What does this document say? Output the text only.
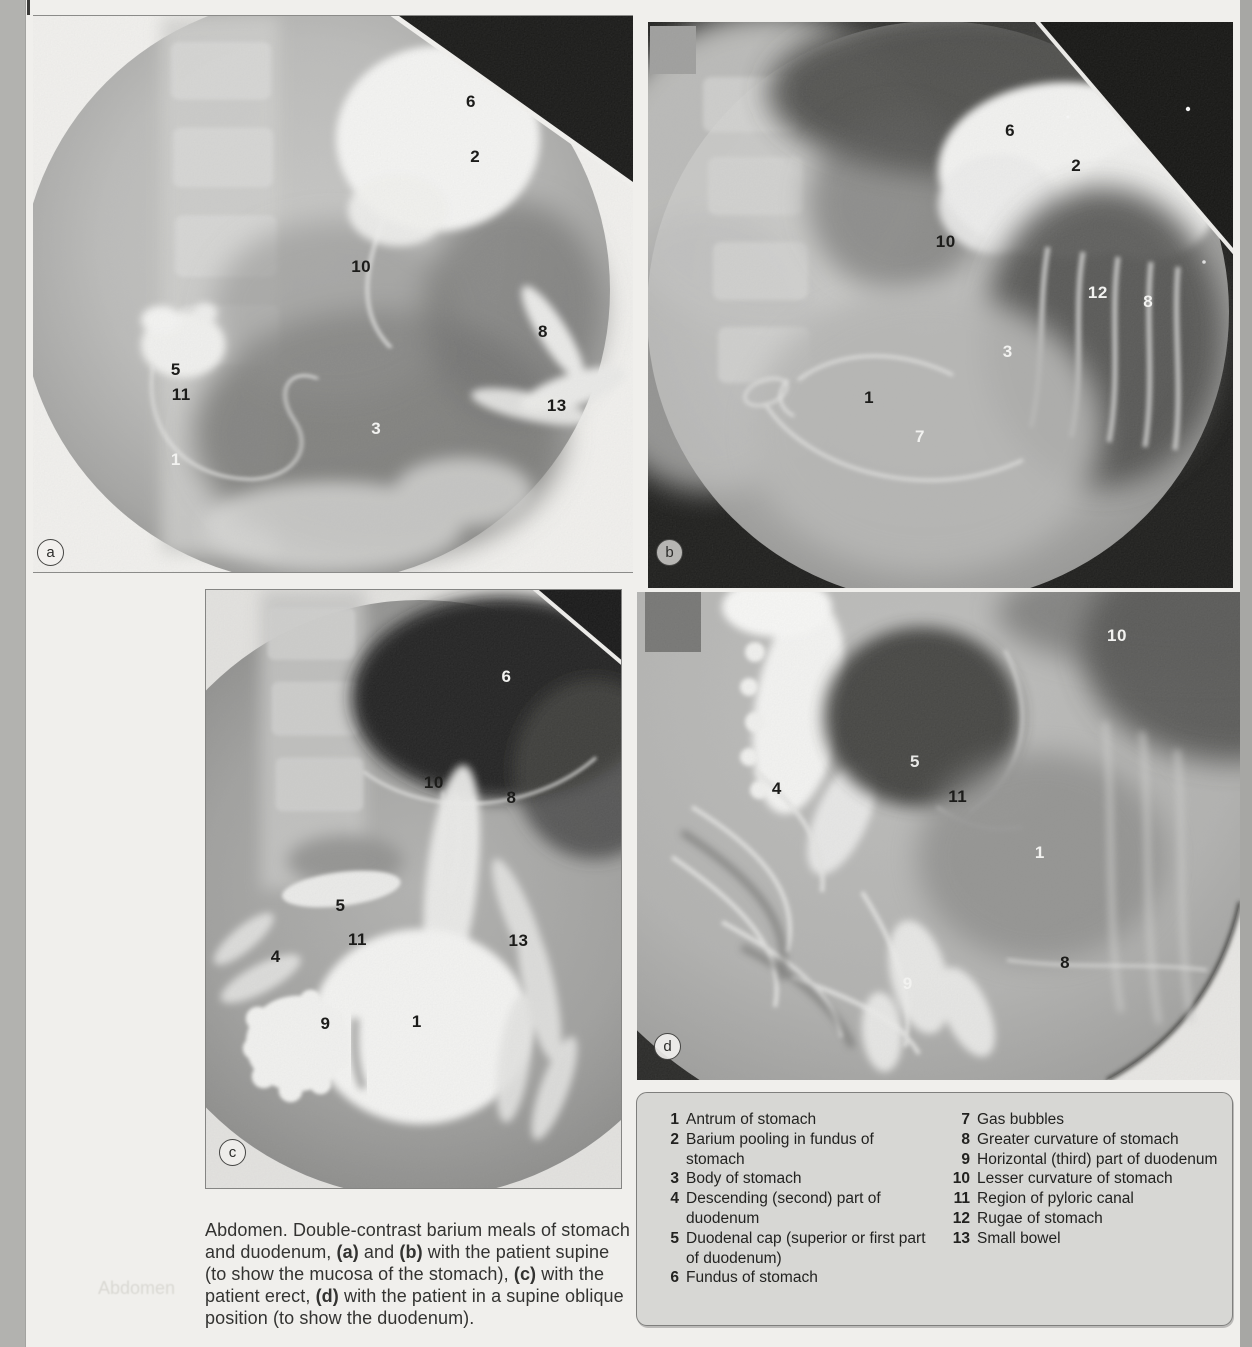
6
2
10
8
5
11
13
3
1
a
6
2
10
12 8
3
1
7
b
6
10
8
5
11	13
4
9	1
c
10
5
4	11
1
8
9
d

Abdomen. Double-contrast barium meals of stomach and duodenum, (a) and (b) with the patient supine (to show the mucosa of the stomach), (c) with the patient erect, (d) with the patient in a supine oblique position (to show the duodenum).

1 Antrum of stomach
2 Barium pooling in fundus of stomach
3 Body of stomach
4 Descending (second) part of duodenum
5 Duodenal cap (superior or first part of duodenum)
6 Fundus of stomach
7 Gas bubbles
8 Greater curvature of stomach
9 Horizontal (third) part of duodenum
10 Lesser curvature of stomach
11 Region of pyloric canal
12 Rugae of stomach
13 Small bowel
Abdomen
